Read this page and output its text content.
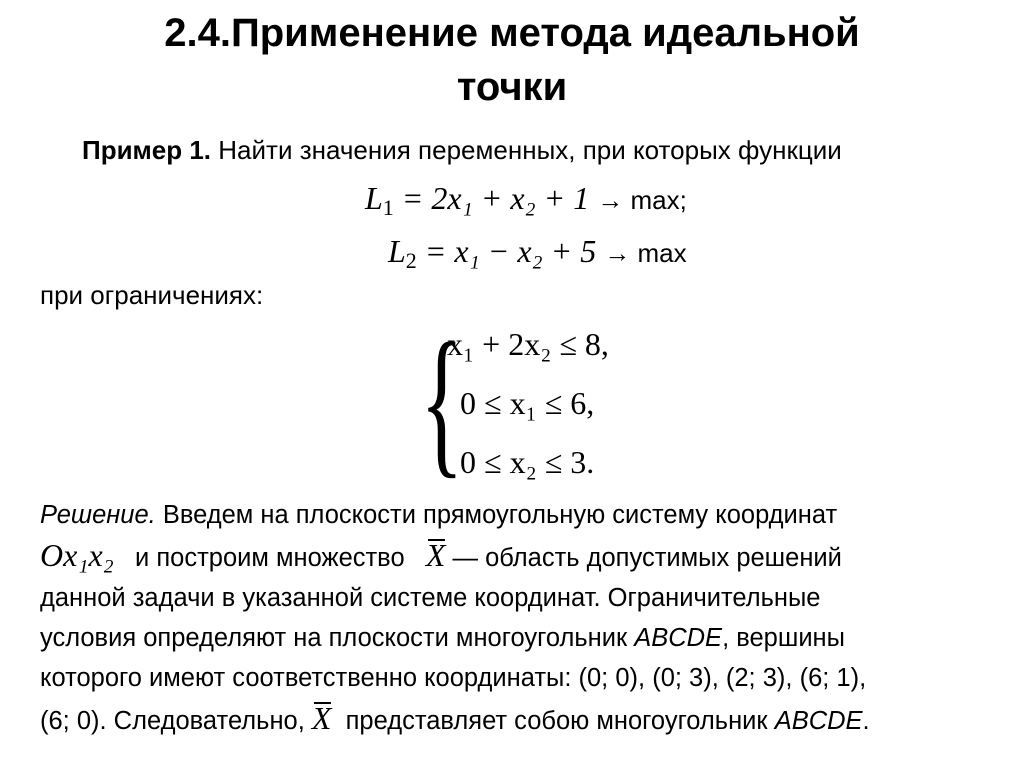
2.4.Применение метода идеальной
точки
Пример 1. Найти значения переменных, при которых функции
$L_1 = 2x_1 + x_2 + 1 \to \max$;
$L_2 = x_1 - x_2 + 5 \to \max$
при ограничениях:
{
x₁ + 2x₂ ≤ 8,
0 ≤ x₁ ≤ 6,
0 ≤ x₂ ≤ 3.
Решение. Введем на плоскости прямоугольную систему координат
Ox₁x₂ и построим множество X — область допустимых решений
данной задачи в указанной системе координат. Ограничительные
условия определяют на плоскости многоугольник ABCDE, вершины
которого имеют соответственно координаты: (0; 0), (0; 3), (2; 3), (6; 1),
(6; 0). Следовательно, X представляет собою многоугольник ABCDE.
